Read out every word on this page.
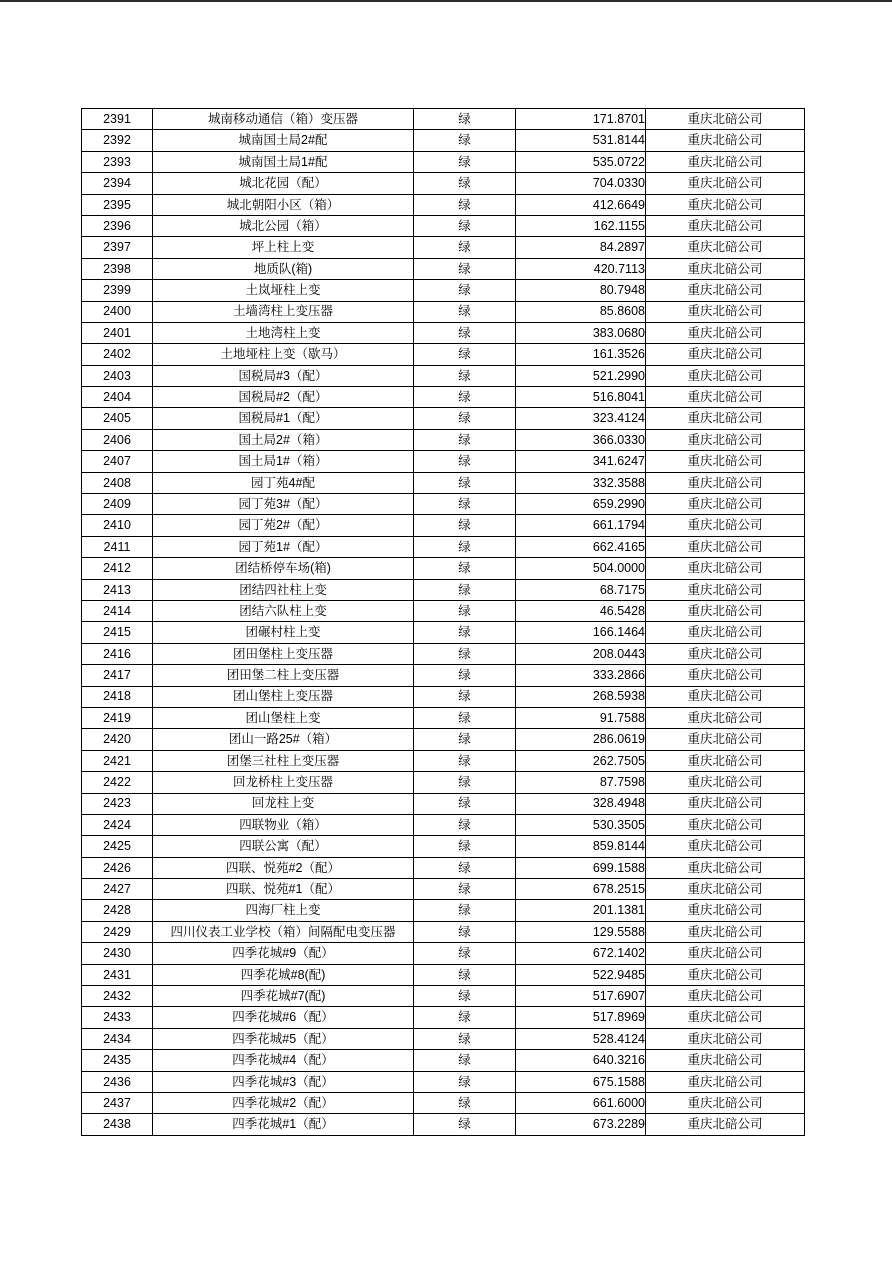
2391	城南移动通信（箱）变压器	绿	171.8701	重庆北碚公司
2392	城南国土局2#配	绿	531.8144	重庆北碚公司
2393	城南国土局1#配	绿	535.0722	重庆北碚公司
2394	城北花园（配）	绿	704.0330	重庆北碚公司
2395	城北朝阳小区（箱）	绿	412.6649	重庆北碚公司
2396	城北公园（箱）	绿	162.1155	重庆北碚公司
2397	坪上柱上变	绿	84.2897	重庆北碚公司
2398	地质队(箱)	绿	420.7113	重庆北碚公司
2399	土岚垭柱上变	绿	80.7948	重庆北碚公司
2400	土墙湾柱上变压器	绿	85.8608	重庆北碚公司
2401	土地湾柱上变	绿	383.0680	重庆北碚公司
2402	土地垭柱上变（歇马）	绿	161.3526	重庆北碚公司
2403	国税局#3（配）	绿	521.2990	重庆北碚公司
2404	国税局#2（配）	绿	516.8041	重庆北碚公司
2405	国税局#1（配）	绿	323.4124	重庆北碚公司
2406	国土局2#（箱）	绿	366.0330	重庆北碚公司
2407	国土局1#（箱）	绿	341.6247	重庆北碚公司
2408	园丁苑4#配	绿	332.3588	重庆北碚公司
2409	园丁苑3#（配）	绿	659.2990	重庆北碚公司
2410	园丁苑2#（配）	绿	661.1794	重庆北碚公司
2411	园丁苑1#（配）	绿	662.4165	重庆北碚公司
2412	团结桥停车场(箱)	绿	504.0000	重庆北碚公司
2413	团结四社柱上变	绿	68.7175	重庆北碚公司
2414	团结六队柱上变	绿	46.5428	重庆北碚公司
2415	团碾村柱上变	绿	166.1464	重庆北碚公司
2416	团田堡柱上变压器	绿	208.0443	重庆北碚公司
2417	团田堡二柱上变压器	绿	333.2866	重庆北碚公司
2418	团山堡柱上变压器	绿	268.5938	重庆北碚公司
2419	团山堡柱上变	绿	91.7588	重庆北碚公司
2420	团山一路25#（箱）	绿	286.0619	重庆北碚公司
2421	团堡三社柱上变压器	绿	262.7505	重庆北碚公司
2422	回龙桥柱上变压器	绿	87.7598	重庆北碚公司
2423	回龙柱上变	绿	328.4948	重庆北碚公司
2424	四联物业（箱）	绿	530.3505	重庆北碚公司
2425	四联公寓（配）	绿	859.8144	重庆北碚公司
2426	四联、悦苑#2（配）	绿	699.1588	重庆北碚公司
2427	四联、悦苑#1（配）	绿	678.2515	重庆北碚公司
2428	四海厂柱上变	绿	201.1381	重庆北碚公司
2429	四川仪表工业学校（箱）间隔配电变压器	绿	129.5588	重庆北碚公司
2430	四季花城#9（配）	绿	672.1402	重庆北碚公司
2431	四季花城#8(配)	绿	522.9485	重庆北碚公司
2432	四季花城#7(配)	绿	517.6907	重庆北碚公司
2433	四季花城#6（配）	绿	517.8969	重庆北碚公司
2434	四季花城#5（配）	绿	528.4124	重庆北碚公司
2435	四季花城#4（配）	绿	640.3216	重庆北碚公司
2436	四季花城#3（配）	绿	675.1588	重庆北碚公司
2437	四季花城#2（配）	绿	661.6000	重庆北碚公司
2438	四季花城#1（配）	绿	673.2289	重庆北碚公司
